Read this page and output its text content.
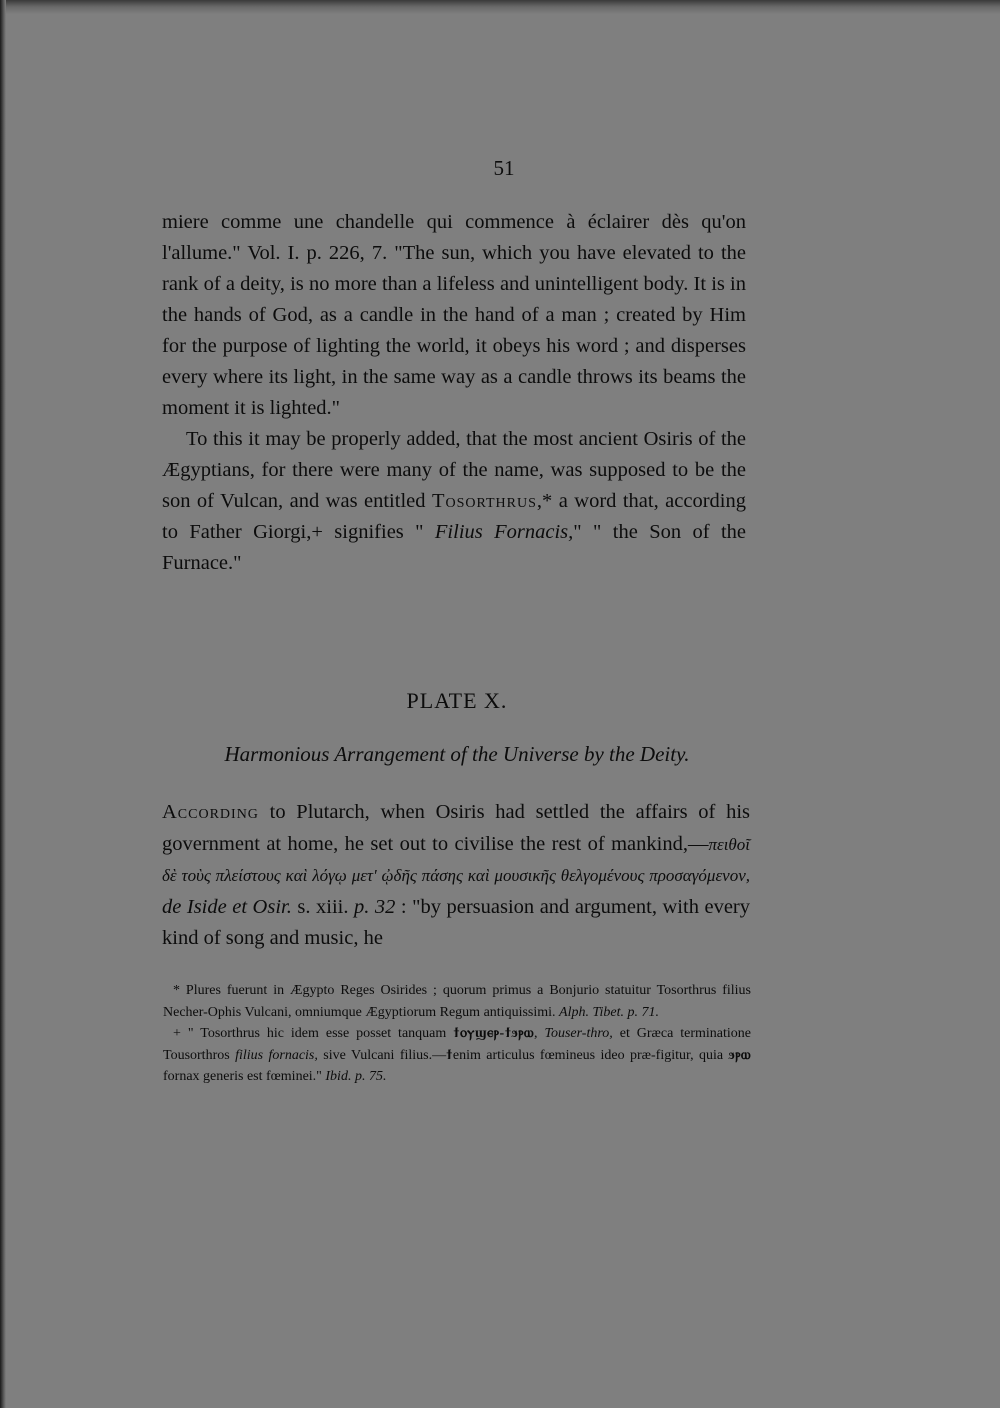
51

miere comme une chandelle qui commence à éclairer dès qu'on l'allume." Vol. I. p. 226, 7. "The sun, which you have elevated to the rank of a deity, is no more than a lifeless and unintelligent body. It is in the hands of God, as a candle in the hand of a man ; created by Him for the purpose of lighting the world, it obeys his word ; and disperses every where its light, in the same way as a candle throws its beams the moment it is lighted."

To this it may be properly added, that the most ancient Osiris of the Ægyptians, for there were many of the name, was supposed to be the son of Vulcan, and was entitled Tosorthrus,* a word that, according to Father Giorgi,+ signifies " Filius Fornacis," " the Son of the Furnace."

PLATE X.
Harmonious Arrangement of the Universe by the Deity.

According to Plutarch, when Osiris had settled the affairs of his government at home, he set out to civilise the rest of mankind,—πειθοῖ δὲ τοὺς πλείστους καὶ λόγῳ μετ' ᾠδῆς πάσης καὶ μουσικῆς θελγομένους προσαγόμενον, de Iside et Osir. s. xiii. p. 32 : "by persuasion and argument, with every kind of song and music, he

* Plures fuerunt in Ægypto Reges Osirides ; quorum primus a Bonjurio statuitur Tosorthrus filius Necher-Ophis Vulcani, omniumque Ægyptiorum Regum antiquissimi. Alph. Tibet. p. 71.

+ " Tosorthrus hic idem esse posset tanquam ϯⲟⲩϣⲉⲣ-ϯϧⲣⲱ, Touser-thro, et Græca terminatione Tousorthros filius fornacis, sive Vulcani filius.—ϯenim articulus fœmineus ideo præ-figitur, quia ϧⲣⲱ fornax generis est fœminei." Ibid. p. 75.
